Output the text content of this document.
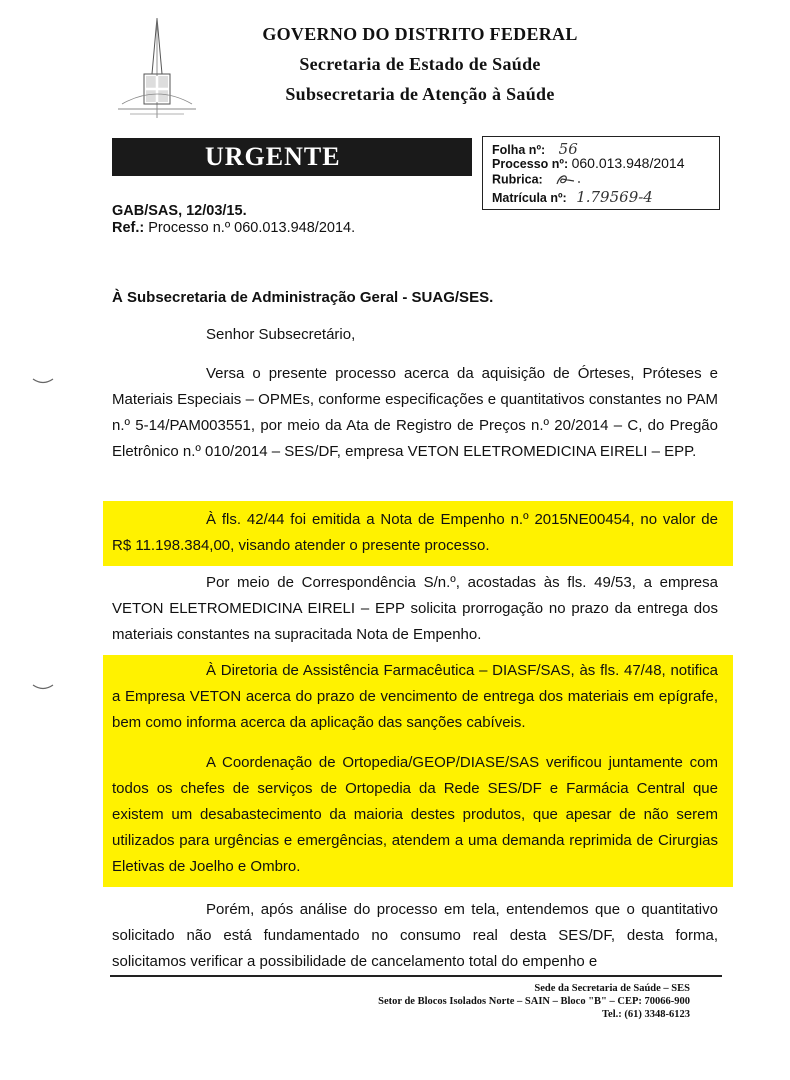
GOVERNO DO DISTRITO FEDERAL
Secretaria de Estado de Saúde
Subsecretaria de Atenção à Saúde
URGENTE	Folha nº: 56
Processo nº: 060.013.948/2014
Rubrica:
Matrícula nº: 1.79569-4
GAB/SAS, 12/03/15.
Ref.: Processo n.º 060.013.948/2014.
À Subsecretaria de Administração Geral - SUAG/SES.
Senhor Subsecretário,
Versa o presente processo acerca da aquisição de Órteses, Próteses e Materiais Especiais – OPMEs, conforme especificações e quantitativos constantes no PAM n.º 5-14/PAM003551, por meio da Ata de Registro de Preços n.º 20/2014 – C, do Pregão Eletrônico n.º 010/2014 – SES/DF, empresa VETON ELETROMEDICINA EIRELI – EPP.
À fls. 42/44 foi emitida a Nota de Empenho n.º 2015NE00454, no valor de R$ 11.198.384,00, visando atender o presente processo.
Por meio de Correspondência S/n.º, acostadas às fls. 49/53, a empresa VETON ELETROMEDICINA EIRELI – EPP solicita prorrogação no prazo da entrega dos materiais constantes na supracitada Nota de Empenho.
À Diretoria de Assistência Farmacêutica – DIASF/SAS, às fls. 47/48, notifica a Empresa VETON acerca do prazo de vencimento de entrega dos materiais em epígrafe, bem como informa acerca da aplicação das sanções cabíveis.
A Coordenação de Ortopedia/GEOP/DIASE/SAS verificou juntamente com todos os chefes de serviços de Ortopedia da Rede SES/DF e Farmácia Central que existem um desabastecimento da maioria destes produtos, que apesar de não serem utilizados para urgências e emergências, atendem a uma demanda reprimida de Cirurgias Eletivas de Joelho e Ombro.
Porém, após análise do processo em tela, entendemos que o quantitativo solicitado não está fundamentado no consumo real desta SES/DF, desta forma, solicitamos verificar a possibilidade de cancelamento total do empenho e
Sede da Secretaria de Saúde – SES
Setor de Blocos Isolados Norte – SAIN – Bloco "B" – CEP: 70066-900
Tel.: (61) 3348-6123
